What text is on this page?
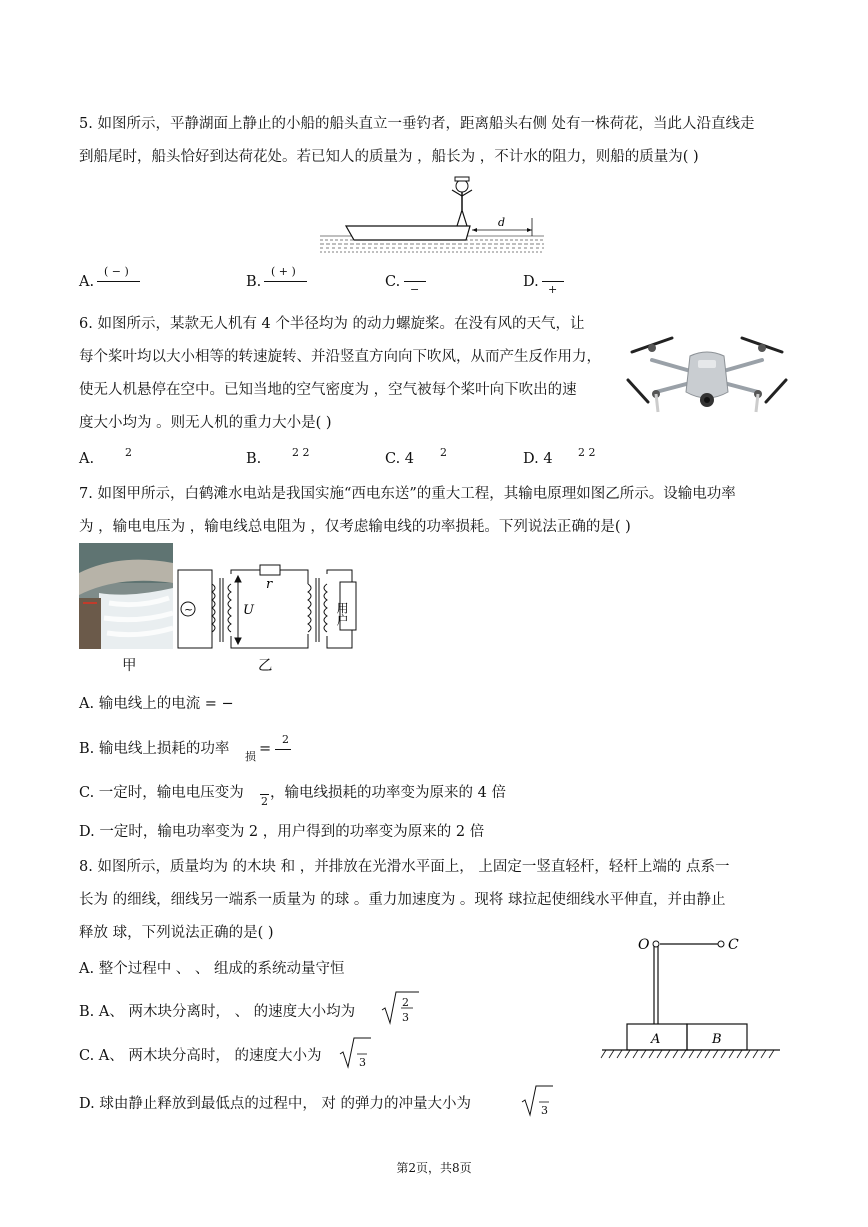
5. 如图所示，平静湖面上静止的小船的船头直立一垂钓者，距离船头右侧 处有一株荷花，当此人沿直线走
到船尾时，船头恰好到达荷花处。若已知人的质量为 ，船长为 ，不计水的阻力，则船的质量为( )
d
A.
( − )
B.
( + )
C. −	D. +
6. 如图所示，某款无人机有 4 个半径均为 的动力螺旋桨。在没有风的天气，让
每个桨叶均以大小相等的转速旋转、并沿竖直方向向下吹风，从而产生反作用力，
使无人机悬停在空中。已知当地的空气密度为 ，空气被每个桨叶向下吹出的速
度大小均为 。则无人机的重力大小是( )
A.	2	B.	2 2	C. 4 2	D. 4 2 2
7. 如图甲所示，白鹤滩水电站是我国实施“西电东送”的重大工程，其输电原理如图乙所示。设输电功率
为 ，输电电压为 ，输电线总电阻为 ，仅考虑输电线的功率损耗。下列说法正确的是( )
甲
~
r
U	用户
乙
A. 输电线上的电流 = −
B. 输电线上损耗的功率 损 =
2
C. 一定时，输电电压变为
2
，输电线损耗的功率变为原来的 4 倍
D. 一定时，输电功率变为 2 ，用户得到的功率变为原来的 2 倍
8. 如图所示，质量均为 的木块 和 ，并排放在光滑水平面上， 上固定一竖直轻杆，轻杆上端的 点系一
长为 的细线，细线另一端系一质量为 的球 。重力加速度为 。现将 球拉起使细线水平伸直，并由静止
释放 球，下列说法正确的是( )
A. 整个过程中 、 、 组成的系统动量守恒
B. A、 两木块分离时， 、 的速度大小均为
2
3
C. A、 两木块分高时， 的速度大小为	3
D. 球由静止释放到最低点的过程中， 对 的弹力的冲量大小为	3
O	C
A	B
第2页，共8页
